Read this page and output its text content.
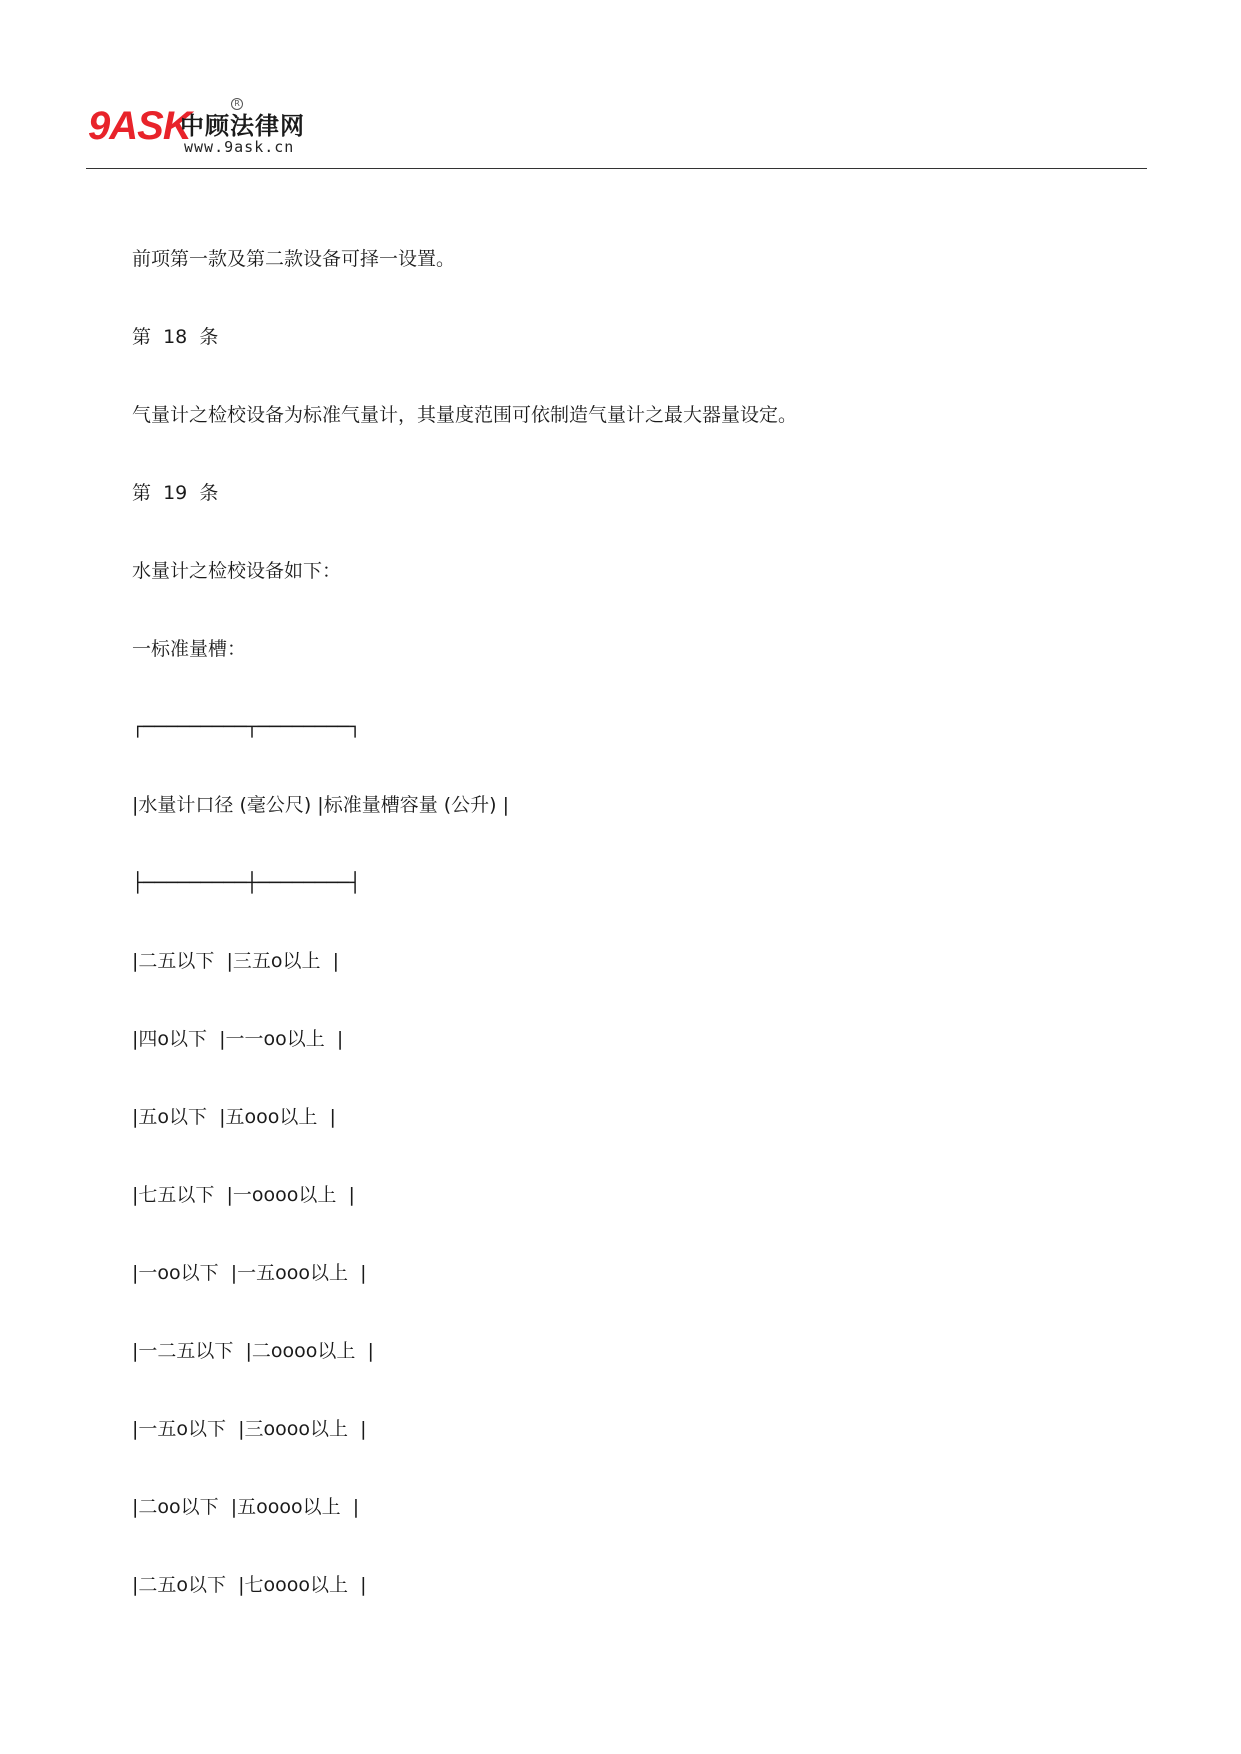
9ASK
R
中顾法律网
www.9ask.cn
前项第一款及第二款设备可择一设置。
第  18  条
气量计之检校设备为标准气量计，其量度范围可依制造气量计之最大器量设定。
第  19  条
水量计之检校设备如下：
一标准量槽：
┌─────────┬────────┐
|水量计口径 (毫公尺) |标准量槽容量 (公升) |
├─────────┼────────┤
|二五以下  |三五o以上  |
|四o以下  |一一oo以上  |
|五o以下  |五ooo以上  |
|七五以下  |一oooo以上  |
|一oo以下  |一五ooo以上  |
|一二五以下  |二oooo以上  |
|一五o以下  |三oooo以上  |
|二oo以下  |五oooo以上  |
|二五o以下  |七oooo以上  |
